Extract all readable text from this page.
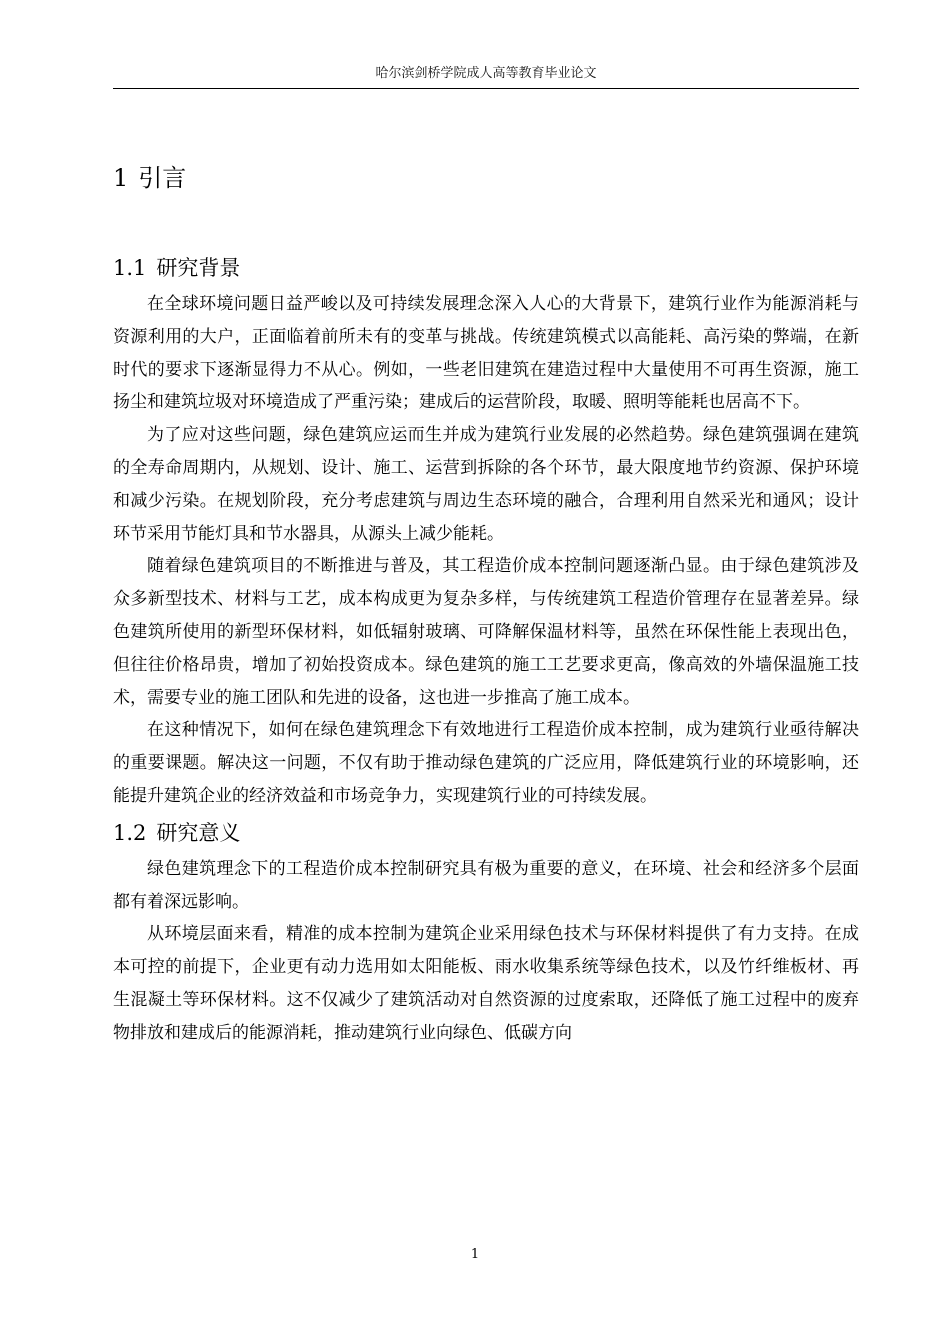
哈尔滨剑桥学院成人高等教育毕业论文
1 引言
1.1 研究背景

在全球环境问题日益严峻以及可持续发展理念深入人心的大背景下，建筑行业作为能源消耗与资源利用的大户，正面临着前所未有的变革与挑战。传统建筑模式以高能耗、高污染的弊端，在新时代的要求下逐渐显得力不从心。例如，一些老旧建筑在建造过程中大量使用不可再生资源，施工扬尘和建筑垃圾对环境造成了严重污染；建成后的运营阶段，取暖、照明等能耗也居高不下。

为了应对这些问题，绿色建筑应运而生并成为建筑行业发展的必然趋势。绿色建筑强调在建筑的全寿命周期内，从规划、设计、施工、运营到拆除的各个环节，最大限度地节约资源、保护环境和减少污染。在规划阶段，充分考虑建筑与周边生态环境的融合，合理利用自然采光和通风；设计环节采用节能灯具和节水器具，从源头上减少能耗。

随着绿色建筑项目的不断推进与普及，其工程造价成本控制问题逐渐凸显。由于绿色建筑涉及众多新型技术、材料与工艺，成本构成更为复杂多样，与传统建筑工程造价管理存在显著差异。绿色建筑所使用的新型环保材料，如低辐射玻璃、可降解保温材料等，虽然在环保性能上表现出色，但往往价格昂贵，增加了初始投资成本。绿色建筑的施工工艺要求更高，像高效的外墙保温施工技术，需要专业的施工团队和先进的设备，这也进一步推高了施工成本。

在这种情况下，如何在绿色建筑理念下有效地进行工程造价成本控制，成为建筑行业亟待解决的重要课题。解决这一问题，不仅有助于推动绿色建筑的广泛应用，降低建筑行业的环境影响，还能提升建筑企业的经济效益和市场竞争力，实现建筑行业的可持续发展。

1.2 研究意义

绿色建筑理念下的工程造价成本控制研究具有极为重要的意义，在环境、社会和经济多个层面都有着深远影响。

从环境层面来看，精准的成本控制为建筑企业采用绿色技术与环保材料提供了有力支持。在成本可控的前提下，企业更有动力选用如太阳能板、雨水收集系统等绿色技术，以及竹纤维板材、再生混凝土等环保材料。这不仅减少了建筑活动对自然资源的过度索取，还降低了施工过程中的废弃物排放和建成后的能源消耗，推动建筑行业向绿色、低碳方向

1
